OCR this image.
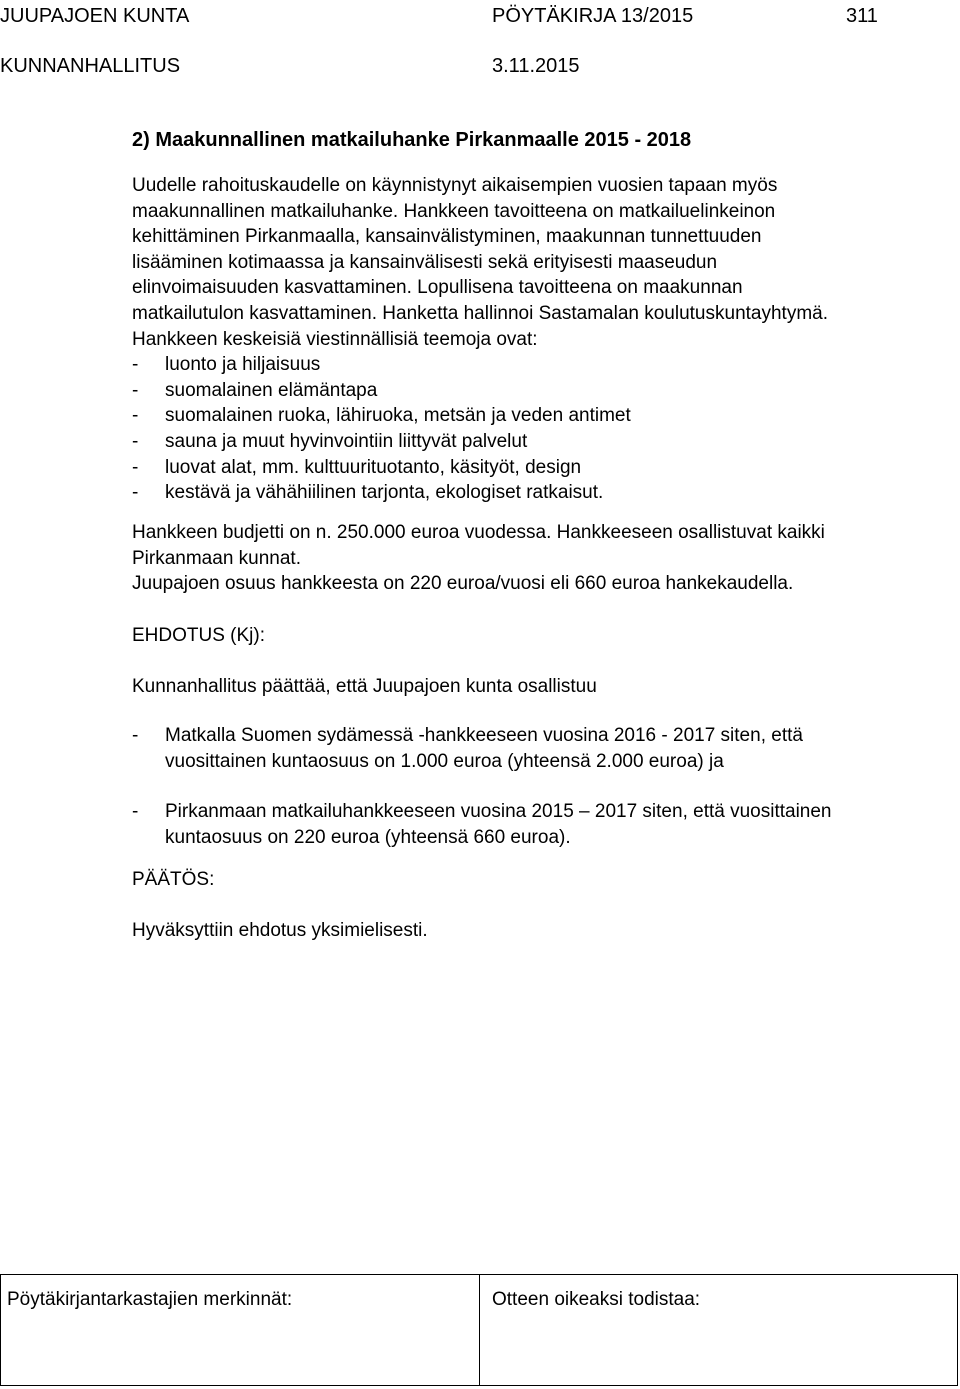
JUUPAJOEN KUNTA	PÖYTÄKIRJA 13/2015	311
KUNNANHALLITUS	3.11.2015
2) Maakunnallinen matkailuhanke Pirkanmaalle 2015 - 2018
Uudelle rahoituskaudelle on käynnistynyt aikaisempien vuosien tapaan myös
maakunnallinen matkailuhanke. Hankkeen tavoitteena on matkailuelinkeinon
kehittäminen Pirkanmaalla, kansainvälistyminen, maakunnan tunnettuuden
lisääminen kotimaassa ja kansainvälisesti sekä erityisesti maaseudun
elinvoimaisuuden kasvattaminen. Lopullisena tavoitteena on maakunnan
matkailutulon kasvattaminen. Hanketta hallinnoi Sastamalan koulutuskuntayhtymä.
Hankkeen keskeisiä viestinnällisiä teemoja ovat:
- luonto ja hiljaisuus
- suomalainen elämäntapa
- suomalainen ruoka, lähiruoka, metsän ja veden antimet
- sauna ja muut hyvinvointiin liittyvät palvelut
- luovat alat, mm. kulttuurituotanto, käsityöt, design
- kestävä ja vähähiilinen tarjonta, ekologiset ratkaisut.
Hankkeen budjetti on n. 250.000 euroa vuodessa. Hankkeeseen osallistuvat kaikki
Pirkanmaan kunnat.
Juupajoen osuus hankkeesta on 220 euroa/vuosi eli 660 euroa hankekaudella.
EHDOTUS (Kj):
Kunnanhallitus päättää, että Juupajoen kunta osallistuu
- Matkalla Suomen sydämessä -hankkeeseen vuosina 2016 - 2017 siten, että
vuosittainen kuntaosuus on 1.000 euroa (yhteensä 2.000 euroa) ja
- Pirkanmaan matkailuhankkeeseen vuosina 2015 – 2017 siten, että vuosittainen
kuntaosuus on 220 euroa (yhteensä 660 euroa).
PÄÄTÖS:
Hyväksyttiin ehdotus yksimielisesti.
Pöytäkirjantarkastajien merkinnät:	Otteen oikeaksi todistaa:
